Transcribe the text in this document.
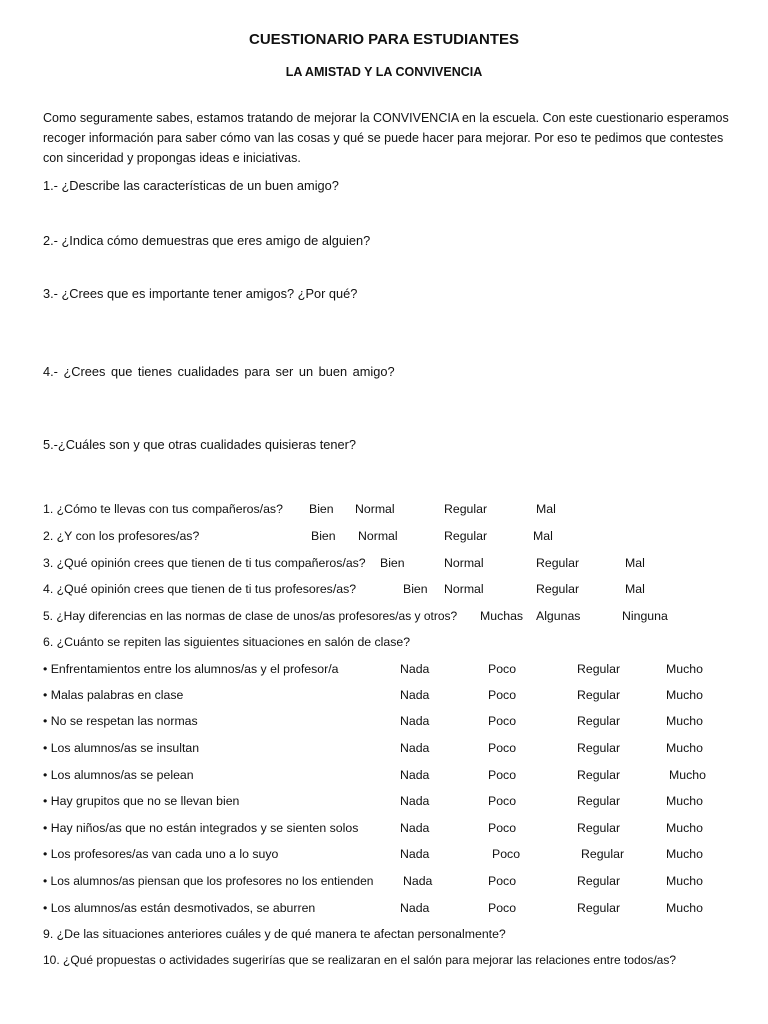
CUESTIONARIO PARA ESTUDIANTES
LA AMISTAD Y LA CONVIVENCIA
Como seguramente sabes, estamos tratando de mejorar la CONVIVENCIA en la escuela. Con este cuestionario esperamos recoger información para saber cómo van las cosas y qué se puede hacer para mejorar. Por eso te pedimos que contestes con sinceridad y propongas ideas e iniciativas.
1.- ¿Describe las características de un buen amigo?
2.- ¿Indica cómo demuestras que eres amigo de alguien?
3.- ¿Crees que es importante tener amigos? ¿Por qué?
4.- ¿Crees que tienes cualidades para ser un buen amigo?
5.-¿Cuáles son y que otras cualidades quisieras tener?
1. ¿Cómo te llevas con tus compañeros/as? Bien Normal	Regular	Mal
2. ¿Y con los profesores/as?	Bien Normal	Regular	Mal
3. ¿Qué opinión crees que tienen de ti tus compañeros/as? Bien	Normal	Regular	Mal
4. ¿Qué opinión crees que tienen de ti tus profesores/as?	Bien Normal	Regular	Mal
5. ¿Hay diferencias en las normas de clase de unos/as profesores/as y otros? Muchas Algunas	Ninguna
6. ¿Cuánto se repiten las siguientes situaciones en salón de clase?
• Enfrentamientos entre los alumnos/as y el profesor/a	Nada	Poco	Regular	Mucho
• Malas palabras en clase	Nada	Poco	Regular	Mucho
• No se respetan las normas	Nada	Poco	Regular	Mucho
• Los alumnos/as se insultan	Nada	Poco	Regular	Mucho
• Los alumnos/as se pelean	Nada	Poco	Regular	Mucho
• Hay grupitos que no se llevan bien	Nada	Poco	Regular	Mucho
• Hay niños/as que no están integrados y se sienten solos	Nada	Poco	Regular	Mucho
• Los profesores/as van cada uno a lo suyo	Nada	Poco	Regular	Mucho
• Los alumnos/as piensan que los profesores no los entienden Nada	Poco	Regular	Mucho
• Los alumnos/as están desmotivados, se aburren	Nada	Poco	Regular	Mucho
9. ¿De las situaciones anteriores cuáles y de qué manera te afectan personalmente?
10. ¿Qué propuestas o actividades sugerirías que se realizaran en el salón para mejorar las relaciones entre todos/as?
